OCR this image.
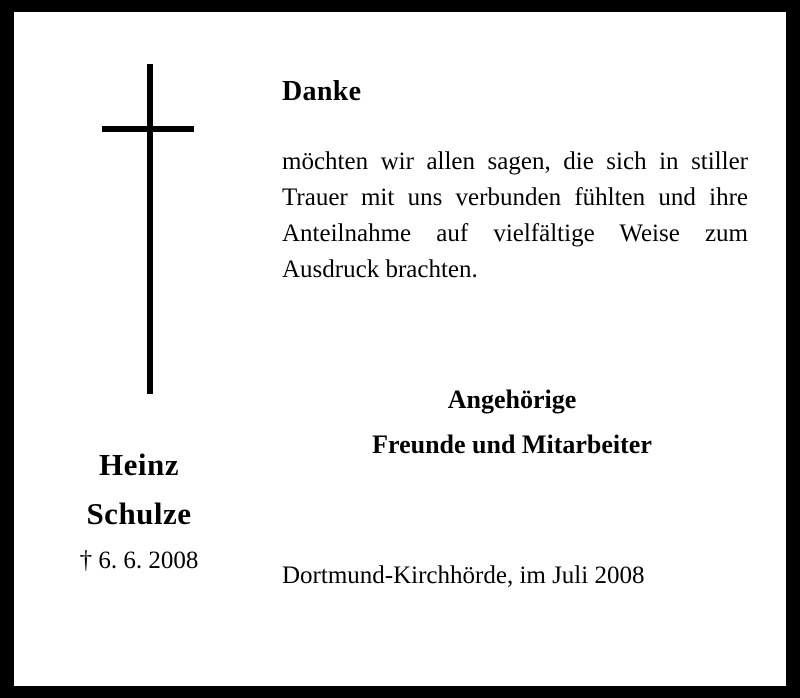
Heinz
Schulze
† 6. 6. 2008
Danke

möchten wir allen sagen, die sich in stiller Trauer mit uns verbunden fühlten und ihre Anteilnahme auf vielfältige Weise zum Ausdruck brachten.

Angehörige
Freunde und Mitarbeiter
Dortmund-Kirchhörde, im Juli 2008
